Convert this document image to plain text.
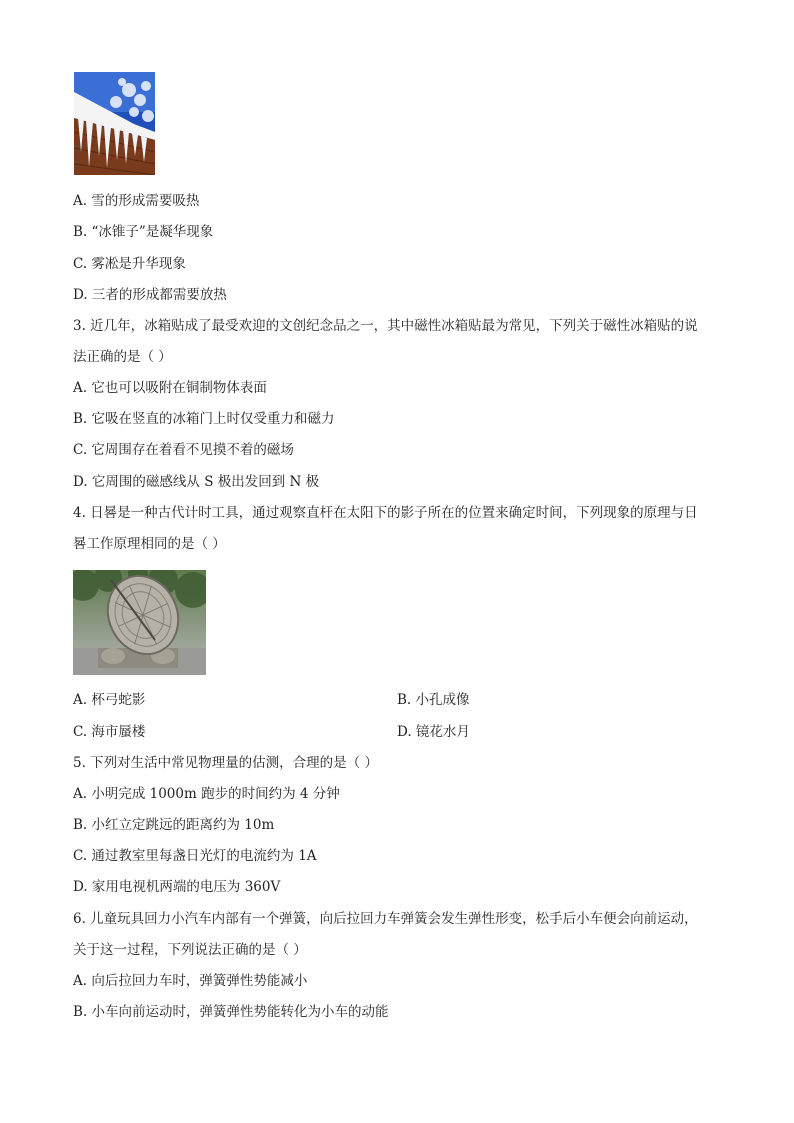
A. 雪的形成需要吸热
B. “冰锥子”是凝华现象
C. 雾凇是升华现象
D. 三者的形成都需要放热
3. 近几年，冰箱贴成了最受欢迎的文创纪念品之一，其中磁性冰箱贴最为常见，下列关于磁性冰箱贴的说
法正确的是（ ）
A. 它也可以吸附在铜制物体表面
B. 它吸在竖直的冰箱门上时仅受重力和磁力
C. 它周围存在着看不见摸不着的磁场
D. 它周围的磁感线从 S 极出发回到 N 极
4. 日晷是一种古代计时工具，通过观察直杆在太阳下的影子所在的位置来确定时间，下列现象的原理与日
晷工作原理相同的是（ ）
A. 杯弓蛇影	B. 小孔成像
C. 海市蜃楼	D. 镜花水月
5. 下列对生活中常见物理量的估测，合理的是（ ）
A. 小明完成 1000m 跑步的时间约为 4 分钟
B. 小红立定跳远的距离约为 10m
C. 通过教室里每盏日光灯的电流约为 1A
D. 家用电视机两端的电压为 360V
6. 儿童玩具回力小汽车内部有一个弹簧，向后拉回力车弹簧会发生弹性形变，松手后小车便会向前运动，
关于这一过程，下列说法正确的是（ ）
A. 向后拉回力车时，弹簧弹性势能减小
B. 小车向前运动时，弹簧弹性势能转化为小车的动能
